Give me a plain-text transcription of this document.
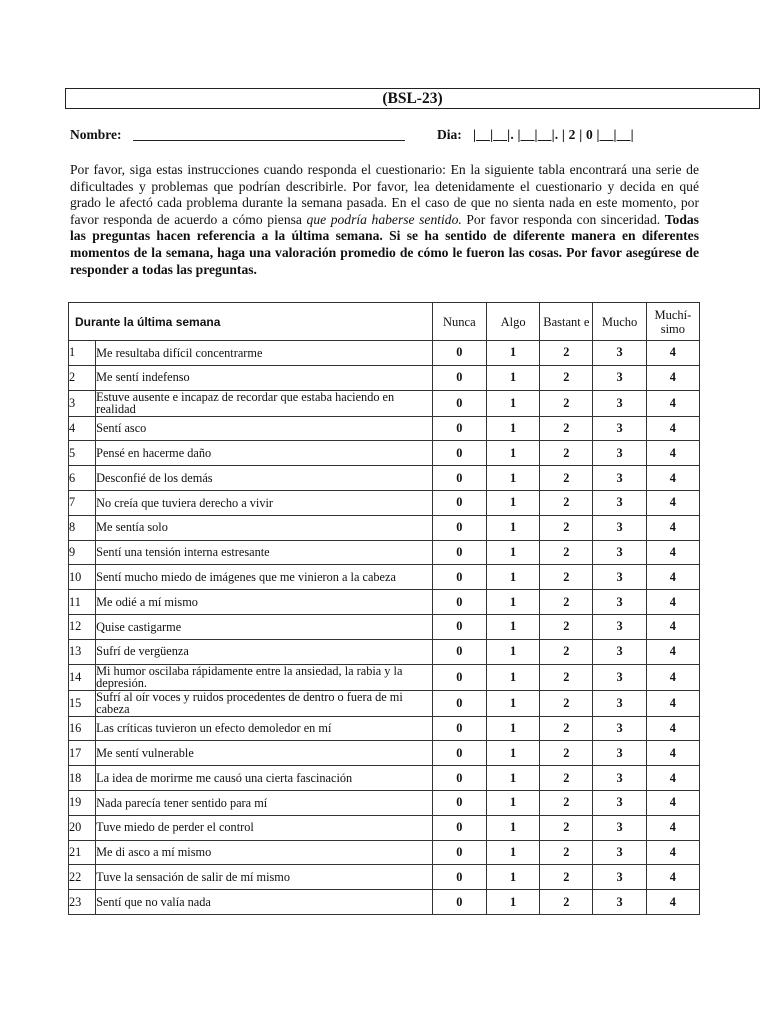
(BSL-23)
Nombre:	Dia: |__|__|. |__|__|. | 2 | 0 |__|__|
Por favor, siga estas instrucciones cuando responda el cuestionario: En la siguiente tabla encontrará una serie de dificultades y problemas que podrían describirle. Por favor, lea detenidamente el cuestionario y decida en qué grado le afectó cada problema durante la semana pasada. En el caso de que no sienta nada en este momento, por favor responda de acuerdo a cómo piensa que podría haberse sentido. Por favor responda con sinceridad. Todas las preguntas hacen referencia a la última semana. Si se ha sentido de diferente manera en diferentes momentos de la semana, haga una valoración promedio de cómo le fueron las cosas. Por favor asegúrese de responder a todas las preguntas.
Durante la última semana		Nunca	Algo	Bastant e	Mucho	Muchí- simo
1	Me resultaba difícil concentrarme	0	1	2	3	4
2	Me sentí indefenso	0	1	2	3	4
3	Estuve ausente e incapaz de recordar que estaba haciendo en realidad	0	1	2	3	4
4	Sentí asco	0	1	2	3	4
5	Pensé en hacerme daño	0	1	2	3	4
6	Desconfié de los demás	0	1	2	3	4
7	No creía que tuviera derecho a vivir	0	1	2	3	4
8	Me sentía solo	0	1	2	3	4
9	Sentí una tensión interna estresante	0	1	2	3	4
10	Sentí mucho miedo de imágenes que me vinieron a la cabeza	0	1	2	3	4
11	Me odié a mí mismo	0	1	2	3	4
12	Quise castigarme	0	1	2	3	4
13	Sufrí de vergüenza	0	1	2	3	4
14	Mi humor oscilaba rápidamente entre la ansiedad, la rabia y la depresión.	0	1	2	3	4
15	Sufrí al oír voces y ruidos procedentes de dentro o fuera de mi cabeza	0	1	2	3	4
16	Las críticas tuvieron un efecto demoledor en mí	0	1	2	3	4
17	Me sentí vulnerable	0	1	2	3	4
18	La idea de morirme me causó una cierta fascinación	0	1	2	3	4
19	Nada parecía tener sentido para mí	0	1	2	3	4
20	Tuve miedo de perder el control	0	1	2	3	4
21	Me di asco a mí mismo	0	1	2	3	4
22	Tuve la sensación de salir de mí mismo	0	1	2	3	4
23	Sentí que no valía nada	0	1	2	3	4
